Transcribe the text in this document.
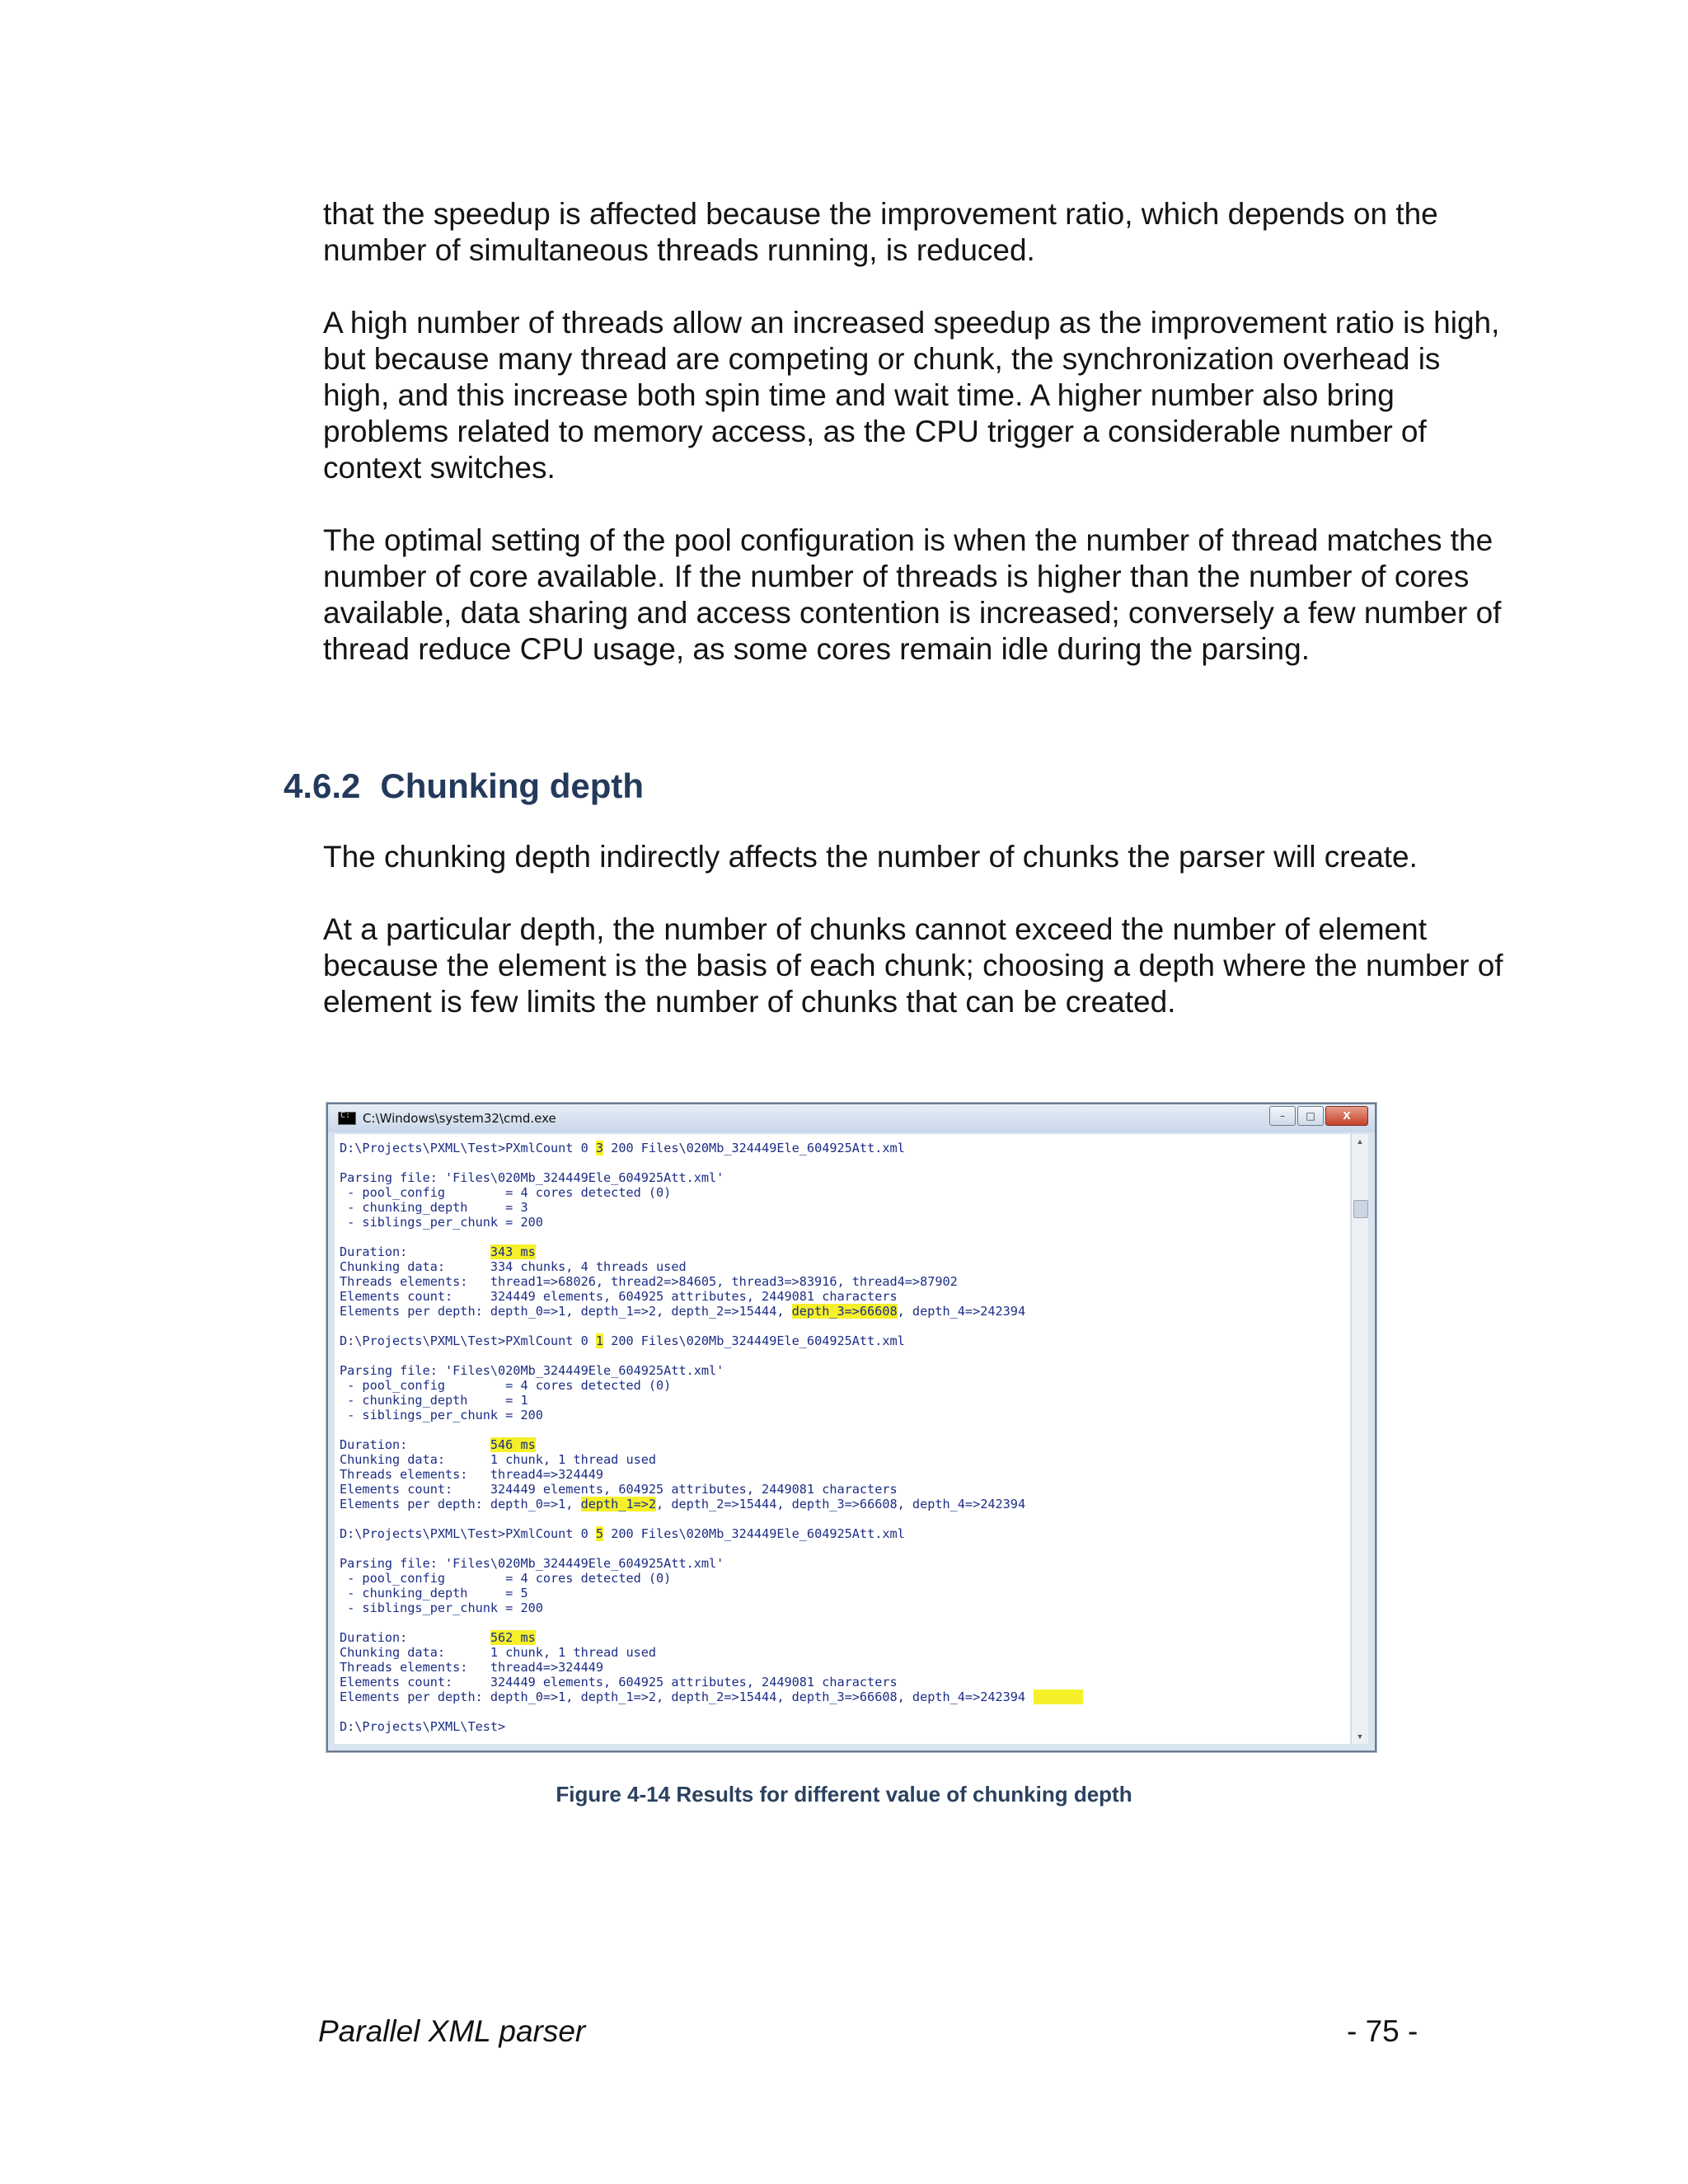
that the speedup is affected because the improvement ratio, which depends on the number of simultaneous threads running, is reduced.

A high number of threads allow an increased speedup as the improvement ratio is high, but because many thread are competing or chunk, the synchronization overhead is high, and this increase both spin time and wait time. A higher number also bring problems related to memory access, as the CPU trigger a considerable number of context switches.

The optimal setting of the pool configuration is when the number of thread matches the number of core available. If the number of threads is higher than the number of cores available, data sharing and access contention is increased; conversely a few number of thread reduce CPU usage, as some cores remain idle during the parsing.

4.6.2 Chunking depth

The chunking depth indirectly affects the number of chunks the parser will create.

At a particular depth, the number of chunks cannot exceed the number of element because the element is the basis of each chunk; choosing a depth where the number of element is few limits the number of chunks that can be created.

C:
C:\Windows\system32\cmd.exe	–	□	X
D:\Projects\PXML\Test>PXmlCount 0 3 200 Files\020Mb_324449Ele_604925Att.xml

Parsing file: 'Files\020Mb_324449Ele_604925Att.xml'
- pool_config        = 4 cores detected (0)
- chunking_depth     = 3
- siblings_per_chunk = 200

Duration:           343 ms
Chunking data:      334 chunks, 4 threads used
Threads elements:   thread1=>68026, thread2=>84605, thread3=>83916, thread4=>87902
Elements count:     324449 elements, 604925 attributes, 2449081 characters
Elements per depth: depth_0=>1, depth_1=>2, depth_2=>15444, depth_3=>66608, depth_4=>242394

D:\Projects\PXML\Test>PXmlCount 0 1 200 Files\020Mb_324449Ele_604925Att.xml

Parsing file: 'Files\020Mb_324449Ele_604925Att.xml'
- pool_config        = 4 cores detected (0)
- chunking_depth     = 1
- siblings_per_chunk = 200

Duration:           546 ms
Chunking data:      1 chunk, 1 thread used
Threads elements:   thread4=>324449
Elements count:     324449 elements, 604925 attributes, 2449081 characters
Elements per depth: depth_0=>1, depth_1=>2, depth_2=>15444, depth_3=>66608, depth_4=>242394

D:\Projects\PXML\Test>PXmlCount 0 5 200 Files\020Mb_324449Ele_604925Att.xml

Parsing file: 'Files\020Mb_324449Ele_604925Att.xml'
- pool_config        = 4 cores detected (0)
- chunking_depth     = 5
- siblings_per_chunk = 200

Duration:           562 ms
Chunking data:      1 chunk, 1 thread used
Threads elements:   thread4=>324449
Elements count:     324449 elements, 604925 attributes, 2449081 characters
Elements per depth: depth_0=>1, depth_1=>2, depth_2=>15444, depth_3=>66608, depth_4=>242394

D:\Projects\PXML\Test>
▲
▼
Figure 4-14 Results for different value of chunking depth
Parallel XML parser	- 75 -
